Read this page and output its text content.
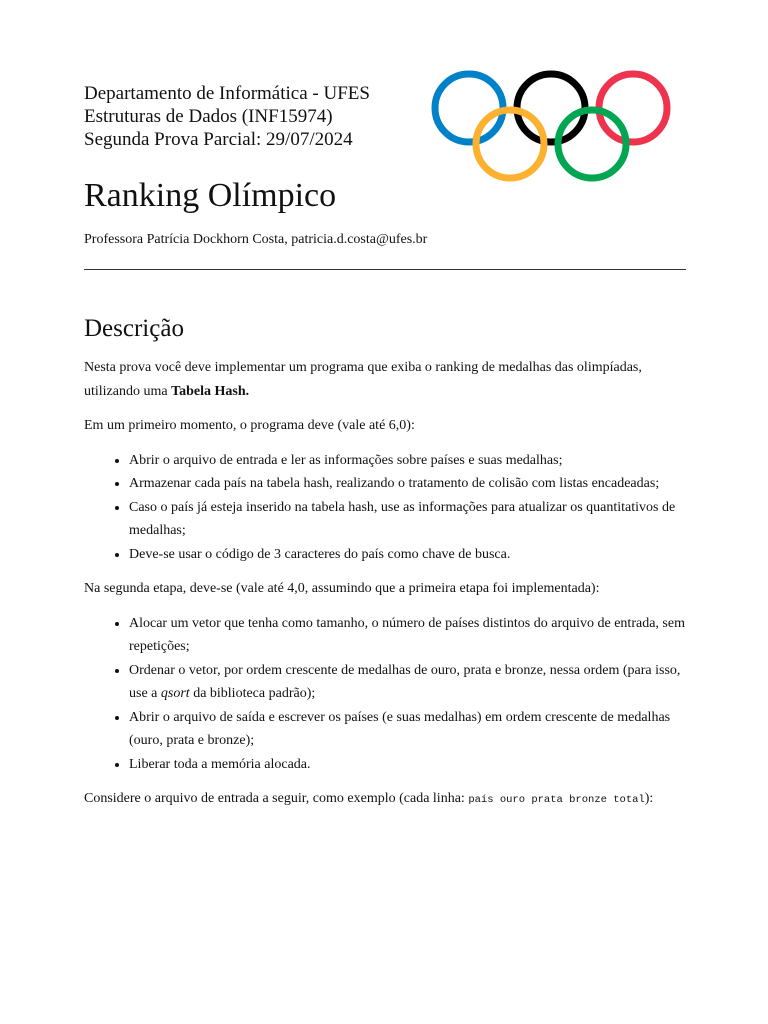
Departamento de Informática - UFES
Estruturas de Dados (INF15974)
Segunda Prova Parcial: 29/07/2024
Ranking Olímpico
Professora Patrícia Dockhorn Costa, patricia.d.costa@ufes.br
Descrição

Nesta prova você deve implementar um programa que exiba o ranking de medalhas das olimpíadas, utilizando uma Tabela Hash.

Em um primeiro momento, o programa deve (vale até 6,0):

• Abrir o arquivo de entrada e ler as informações sobre países e suas medalhas;
• Armazenar cada país na tabela hash, realizando o tratamento de colisão com listas encadeadas;
• Caso o país já esteja inserido na tabela hash, use as informações para atualizar os quantitativos de medalhas;
• Deve-se usar o código de 3 caracteres do país como chave de busca.

Na segunda etapa, deve-se (vale até 4,0, assumindo que a primeira etapa foi implementada):

• Alocar um vetor que tenha como tamanho, o número de países distintos do arquivo de entrada, sem repetições;
• Ordenar o vetor, por ordem crescente de medalhas de ouro, prata e bronze, nessa ordem (para isso, use a qsort da biblioteca padrão);
• Abrir o arquivo de saída e escrever os países (e suas medalhas) em ordem crescente de medalhas (ouro, prata e bronze);
• Liberar toda a memória alocada.

Considere o arquivo de entrada a seguir, como exemplo (cada linha: país ouro prata bronze total):
